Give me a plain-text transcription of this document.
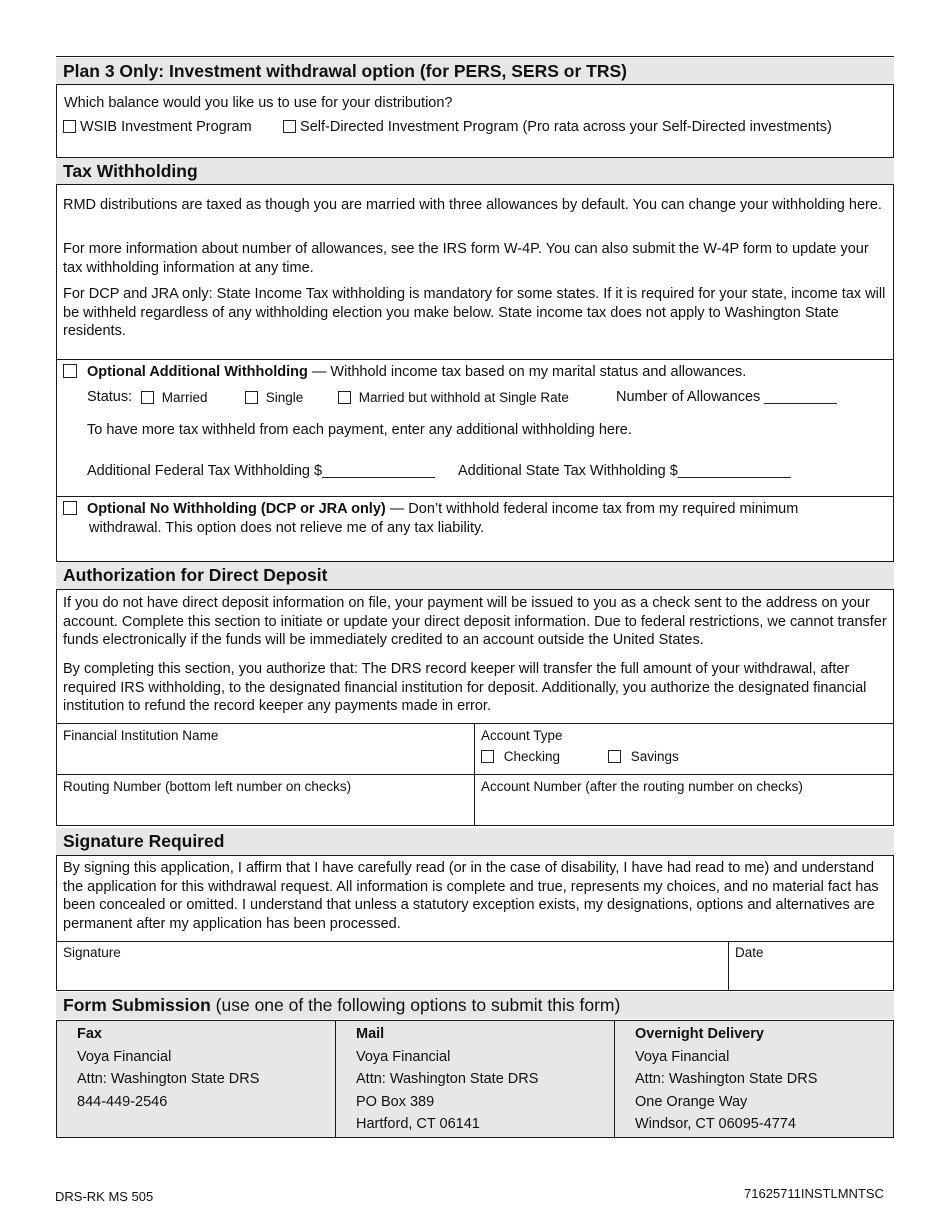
Plan 3 Only: Investment withdrawal option (for PERS, SERS or TRS)
Which balance would you like us to use for your distribution?
WSIB Investment Program	Self-Directed Investment Program (Pro rata across your Self-Directed investments)
Tax Withholding
RMD distributions are taxed as though you are married with three allowances by default. You can change your withholding here.
For more information about number of allowances, see the IRS form W-4P. You can also submit the W-4P form to update your tax withholding information at any time.
For DCP and JRA only: State Income Tax withholding is mandatory for some states. If it is required for your state, income tax will be withheld regardless of any withholding election you make below. State income tax does not apply to Washington State residents.
Optional Additional Withholding — Withhold income tax based on my marital status and allowances.
Status:	Married	Single	Married but withhold at Single Rate	Number of Allowances _________
To have more tax withheld from each payment, enter any additional withholding here.
Additional Federal Tax Withholding $______________ Additional State Tax Withholding $______________
Optional No Withholding (DCP or JRA only) — Don’t withhold federal income tax from my required minimum
withdrawal. This option does not relieve me of any tax liability.
Authorization for Direct Deposit
If you do not have direct deposit information on file, your payment will be issued to you as a check sent to the address on your account. Complete this section to initiate or update your direct deposit information. Due to federal restrictions, we cannot transfer funds electronically if the funds will be immediately credited to an account outside the United States.
By completing this section, you authorize that: The DRS record keeper will transfer the full amount of your withdrawal, after required IRS withholding, to the designated financial institution for deposit. Additionally, you authorize the designated financial institution to refund the record keeper any payments made in error.
Financial Institution Name	Account Type
Checking	Savings
Routing Number (bottom left number on checks)	Account Number (after the routing number on checks)
Signature Required
By signing this application, I affirm that I have carefully read (or in the case of disability, I have had read to me) and understand the application for this withdrawal request. All information is complete and true, represents my choices, and no material fact has been concealed or omitted. I understand that unless a statutory exception exists, my designations, options and alternatives are permanent after my application has been processed.
Signature	Date
Form Submission (use one of the following options to submit this form)
Fax
Voya Financial
Attn: Washington State DRS
844-449-2546
Mail
Voya Financial
Attn: Washington State DRS
PO Box 389
Hartford, CT 06141
Overnight Delivery
Voya Financial
Attn: Washington State DRS
One Orange Way
Windsor, CT 06095-4774
DRS-RK MS 505	71625711INSTLMNTSC
